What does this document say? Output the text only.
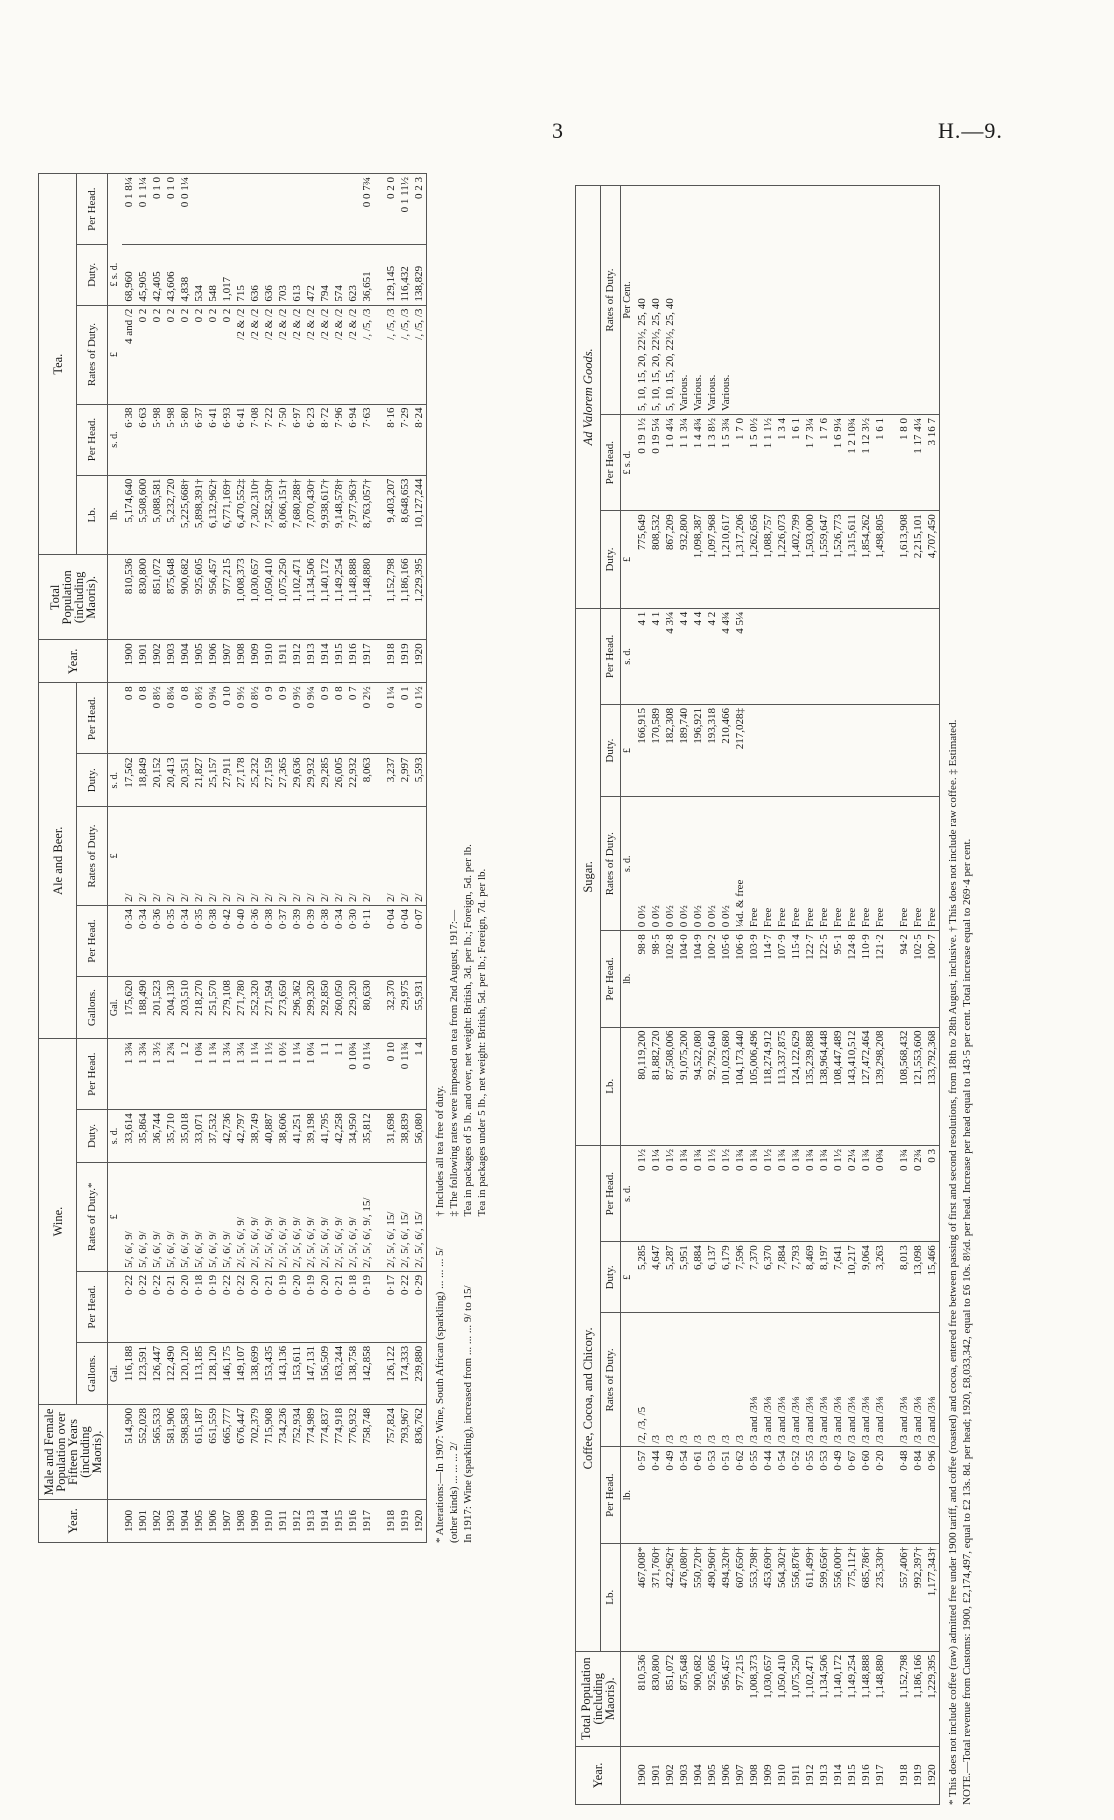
3	H.—9.
Year.	Male and Female Population over Fifteen Years (including Maoris).	Wine.					Ale and Beer.					Year.	Total Population (including Maoris).	Tea.				
		Gallons.	Per Head.	Rates of Duty.*	Duty.	Per Head.	Gallons.	Per Head.	Rates of Duty.	Duty.	Per Head.			Lb.	Per Head.	Rates of Duty.	Duty.	Per Head.
		Gal.		£	s. d.		Gal.		£	s. d.				lb.	s. d.	£	£ s. d.	
1900	514,900	116,188	0·22	5/, 6/, 9/	33,614	1 3¾	175,620	0·34	2/	17,562	0 8	1900	810,536	5,174,640	6·38	4 and /2	68,960	0 1 8¼
1901	552,028	123,591	0·22	5/, 6/, 9/	35,864	1 3¾	188,490	0·34	2/	18,849	0 8	1901	830,800	5,508,600	6·63	0 2	45,905	0 1 1¼
1902	565,533	126,447	0·22	5/, 6/, 9/	36,744	1 3½	201,523	0·36	2/	20,152	0 8½	1902	851,072	5,088,581	5·98	0 2	42,405	0 1 0
1903	581,906	122,490	0·21	5/, 6/, 9/	35,710	1 2¾	204,130	0·35	2/	20,413	0 8¼	1903	875,648	5,232,720	5·98	0 2	43,606	0 1 0
1904	598,583	120,120	0·20	5/, 6/, 9/	35,018	1 2	203,510	0·34	2/	20,351	0 8	1904	900,682	5,225,668†	5·80	0 2	4,838	0 0 1¼
1905	615,187	113,185	0·18	5/, 6/, 9/	33,071	1 0¾	218,270	0·35	2/	21,827	0 8½	1905	925,605	5,898,391†	6·37	0 2	534	
1906	651,559	128,120	0·19	5/, 6/, 9/	37,532	1 1¾	251,570	0·38	2/	25,157	0 9¼	1906	956,457	6,132,962†	6·41	0 2	548	
1907	665,777	146,175	0·22	5/, 6/, 9/	42,736	1 3¼	279,108	0·42	2/	27,911	0 10	1907	977,215	6,771,169†	6·93	0 2	1,017	
1908	676,447	149,107	0·22	2/, 5/, 6/, 9/	42,797	1 3¼	271,780	0·40	2/	27,178	0 9½	1908	1,008,373	6,470,552‡	6·41	/2 & /2	715	
1909	702,379	138,699	0·20	2/, 5/, 6/, 9/	38,749	1 1¼	252,320	0·36	2/	25,232	0 8½	1909	1,030,657	7,302,310†	7·08	/2 & /2	636	
1910	715,908	153,435	0·21	2/, 5/, 6/, 9/	40,887	1 1½	271,594	0·38	2/	27,159	0 9	1910	1,050,410	7,582,530†	7·22	/2 & /2	636	
1911	734,236	143,136	0·19	2/, 5/, 6/, 9/	38,606	1 0½	273,650	0·37	2/	27,365	0 9	1911	1,075,250	8,066,151†	7·50	/2 & /2	703	
1912	752,934	153,611	0·20	2/, 5/, 6/, 9/	41,251	1 1¼	296,362	0·39	2/	29,636	0 9½	1912	1,102,471	7,680,288†	6·97	/2 & /2	613	
1913	774,989	147,131	0·19	2/, 5/, 6/, 9/	39,198	1 0¼	299,320	0·39	2/	29,932	0 9¼	1913	1,134,506	7,070,430†	6·23	/2 & /2	472	
1914	774,837	156,509	0·20	2/, 5/, 6/, 9/	41,795	1 1	292,850	0·38	2/	29,285	0 9	1914	1,140,172	9,938,617†	8·72	/2 & /2	794	
1915	774,918	163,244	0·21	2/, 5/, 6/, 9/	42,258	1 1	260,050	0·34	2/	26,005	0 8	1915	1,149,254	9,148,578†	7·96	/2 & /2	574	
1916	776,932	138,758	0·18	2/, 5/, 6/, 9/	34,950	0 10¾	229,320	0·30	2/	22,932	0 7	1916	1,148,888	7,977,963†	6·94	/2 & /2	623	
1917	758,748	142,858	0·19	2/, 5/, 6/, 9/, 15/	35,812	0 11¼	80,630	0·11	2/	8,063	0 2½	1917	1,148,880	8,763,057†	7·63	/, /5, /3	36,651	0 0 7¾

1918	757,824	126,122	0·17	2/, 5/, 6/, 15/	31,698	0 10	32,370	0·04	2/	3,237	0 1¼	1918	1,152,798	9,403,207	8·16	/, /5, /3	129,145	0 2 0
1919	793,967	174,333	0·22	2/, 5/, 6/, 15/	38,839	0 11¾	29,975	0·04	2/	2,997	0 1	1919	1,186,166	8,648,653	7·29	/, /5, /3	116,432	0 1 11½
1920	836,762	239,880	0·29	2/, 5/, 6/, 15/	56,080	1 4	55,931	0·07	2/	5,593	0 1½	1920	1,229,395	10,127,244	8·24	/, /5, /3	138,829	0 2 3

* Alterations:—In 1907: Wine, South African (sparkling) ... ... ... 5/ (other kinds) ... ... ... 2/ In 1917: Wine (sparkling), increased from ... ... ... 9/ to 15/

† Includes all tea free of duty. ‡ The following rates were imposed on tea from 2nd August, 1917:— Tea in packages of 5 lb. and over, net weight: British, 3d. per lb.; Foreign, 5d. per lb. Tea in packages under 5 lb., net weight: British, 5d. per lb.; Foreign, 7d. per lb.

Year.	Total Population (including Maoris).	Coffee, Cocoa, and Chicory.					Sugar.					Ad Valorem Goods.		
		Lb.	Per Head.	Rates of Duty.	Duty.	Per Head.	Lb.	Per Head.	Rates of Duty.	Duty.	Per Head.	Duty.	Per Head.	Rates of Duty.
			lb.		£	s. d.		lb.	s. d.	£	s. d.	£	£ s. d.	Per Cent.
1900	810,536	467,008*	0·57	/2, /3, /5	5,285	0 1½	80,119,200	98·8	0 0½	166,915	4 1	775,649	0 19 1½	5, 10, 15, 20, 22½, 25, 40
1901	830,800	371,760†	0·44	/3	4,647	0 1¼	81,882,720	98·5	0 0½	170,589	4 1	808,532	0 19 5¼	5, 10, 15, 20, 22½, 25, 40
1902	851,072	422,962†	0·49	/3	5,287	0 1½	87,508,006	102·8	0 0½	182,308	4 3¼	867,209	1 0 4¼	5, 10, 15, 20, 22½, 25, 40
1903	875,648	476,080†	0·54	/3	5,951	0 1¾	91,075,200	104·0	0 0½	189,740	4 4	932,800	1 1 3¼	Various.
1904	900,682	550,720†	0·61	/3	6,884	0 1¾	94,522,080	104·9	0 0½	196,921	4 4	1,098,387	1 4 4¾	Various.
1905	925,605	490,960†	0·53	/3	6,137	0 1½	92,792,640	100·2	0 0½	193,318	4 2	1,097,968	1 3 8½	Various.
1906	956,457	494,320†	0·51	/3	6,179	0 1½	101,023,680	105·6	0 0½	210,466	4 4¾	1,210,617	1 5 3¾	Various.
1907	977,215	607,650†	0·62	/3	7,596	0 1¾	104,173,440	106·6	¼d. & free	217,028‡	4 5¼	1,317,206	1 7 0	
1908	1,008,373	553,798†	0·55	/3 and /3⅛	7,370	0 1¾	105,006,496	103·9	Free			1,262,656	1 5 0½	
1909	1,030,657	453,690†	0·44	/3 and /3⅛	6,370	0 1½	118,274,912	114·7	Free			1,088,757	1 1 1½	
1910	1,050,410	564,302†	0·54	/3 and /3⅛	7,884	0 1¾	113,337,875	107·9	Free			1,226,073	1 3 4	
1911	1,075,250	556,876†	0·52	/3 and /3⅛	7,793	0 1¾	124,122,629	115·4	Free			1,402,799	1 6 1	
1912	1,102,471	611,499†	0·55	/3 and /3⅛	8,469	0 1¾	135,239,888	122·7	Free			1,503,000	1 7 3¼	
1913	1,134,506	599,656†	0·53	/3 and /3⅛	8,197	0 1¾	138,964,448	122·5	Free			1,559,647	1 7 6	
1914	1,140,172	556,000†	0·49	/3 and /3⅛	7,641	0 1½	108,447,489	95·1	Free			1,526,773	1 6 9¼	
1915	1,149,254	775,112†	0·67	/3 and /3⅛	10,217	0 2¼	143,410,512	124·8	Free			1,315,611	1 2 10¾	
1916	1,148,888	685,786†	0·60	/3 and /3⅛	9,064	0 1¾	127,472,464	110·9	Free			1,854,262	1 12 3½	
1917	1,148,880	235,330†	0·20	/3 and /3⅛	3,263	0 0¾	139,298,208	121·2	Free			1,498,805	1 6 1	

1918	1,152,798	557,406†	0·48	/3 and /3⅛	8,013	0 1¾	108,568,432	94·2	Free			1,613,908	1 8 0	
1919	1,186,166	992,397†	0·84	/3 and /3⅛	13,098	0 2¾	121,553,600	102·5	Free			2,215,101	1 17 4¼	
1920	1,229,395	1,177,343†	0·96	/3 and /3⅛	15,466	0 3	133,792,368	100·7	Free			4,707,450	3 16 7	

* This does not include coffee (raw) admitted free under 1900 tariff, and coffee (roasted) and cocoa, entered free between passing of first and second resolutions, from 18th to 28th August, inclusive. † This does not include raw coffee. ‡ Estimated. NOTE.—Total revenue from Customs: 1900, £2,174,497, equal to £2 13s. 8d. per head; 1920, £8,033,342, equal to £6 10s. 8½d. per head. Increase per head equal to 143·5 per cent. Total increase equal to 269·4 per cent.
